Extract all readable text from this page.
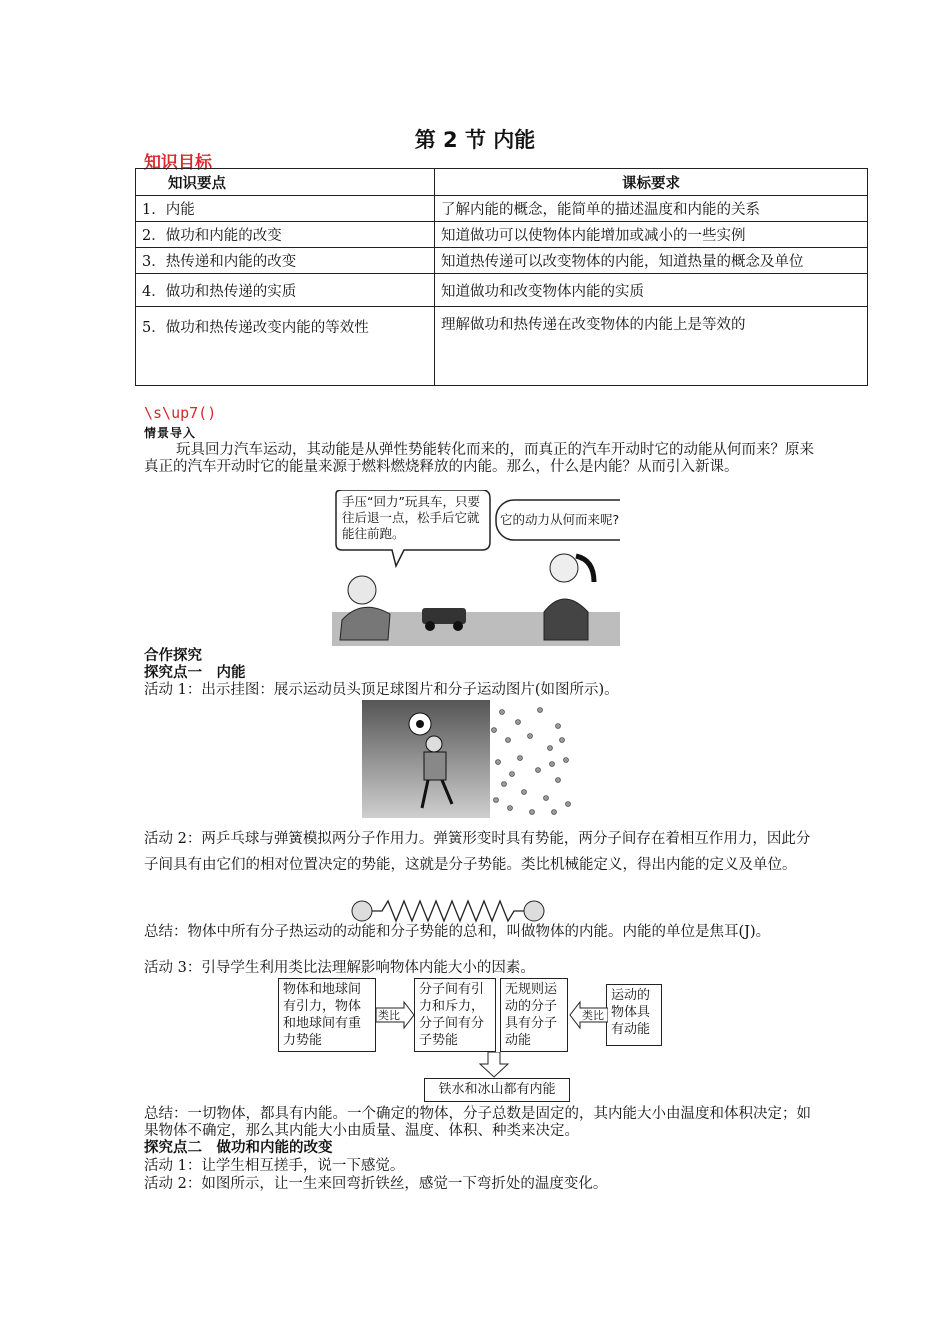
第 2 节 内能
知识目标
知识要点	课标要求
1．内能	了解内能的概念，能简单的描述温度和内能的关系
2．做功和内能的改变	知道做功可以使物体内能增加或减小的一些实例
3．热传递和内能的改变	知道热传递可以改变物体的内能，知道热量的概念及单位
4．做功和热传递的实质	知道做功和改变物体内能的实质
5．做功和热传递改变内能的等效性	理解做功和热传递在改变物体的内能上是等效的
\s\up7()
情景导入
玩具回力汽车运动，其动能是从弹性势能转化而来的，而真正的汽车开动时它的动能从何而来？原来真正的汽车开动时它的能量来源于燃料燃烧释放的内能。那么，什么是内能？从而引入新课。
手压“回力”玩具车，只要往后退一点，松手后它就能往前跑。
它的动力从何而来呢?
合作探究
探究点一　内能
活动 1：出示挂图：展示运动员头顶足球图片和分子运动图片(如图所示)。
活动 2：两乒乓球与弹簧模拟两分子作用力。弹簧形变时具有势能，两分子间存在着相互作用力，因此分子间具有由它们的相对位置决定的势能，这就是分子势能。类比机械能定义，得出内能的定义及单位。
总结：物体中所有分子热运动的动能和分子势能的总和，叫做物体的内能。内能的单位是焦耳(J)。
活动 3：引导学生利用类比法理解影响物体内能大小的因素。
物体和地球间有引力，物体和地球间有重力势能
分子间有引力和斥力，分子间有分子势能
无规则运动的分子具有分子动能
运动的物体具有动能
类比	类比
铁水和冰山都有内能
总结：一切物体，都具有内能。一个确定的物体，分子总数是固定的，其内能大小由温度和体积决定；如果物体不确定，那么其内能大小由质量、温度、体积、种类来决定。
探究点二　做功和内能的改变
活动 1：让学生相互搓手，说一下感觉。
活动 2：如图所示，让一生来回弯折铁丝，感觉一下弯折处的温度变化。
